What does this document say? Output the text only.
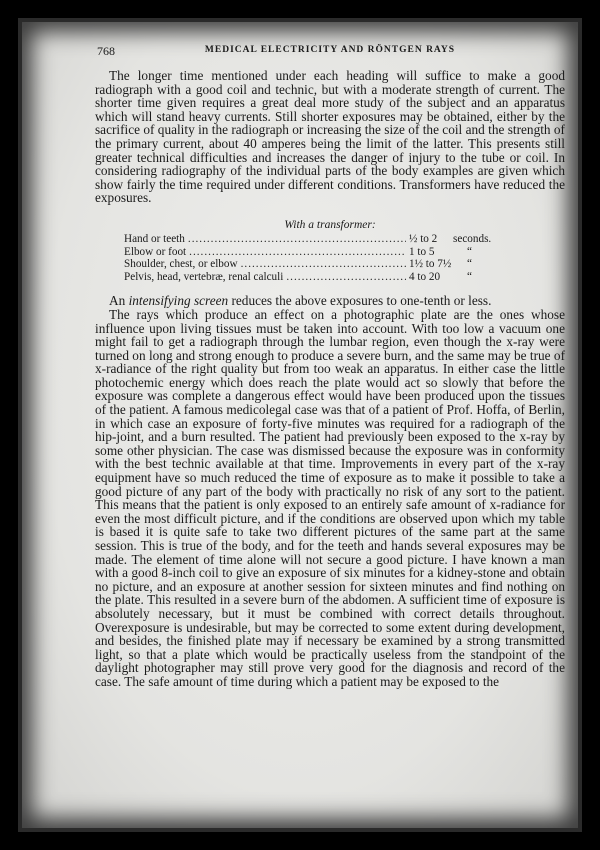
768	MEDICAL ELECTRICITY AND RÖNTGEN RAYS

The longer time mentioned under each heading will suffice to make a good radiograph with a good coil and technic, but with a moderate strength of current. The shorter time given requires a great deal more study of the subject and an apparatus which will stand heavy currents. Still shorter exposures may be obtained, either by the sacrifice of quality in the radiograph or increasing the size of the coil and the strength of the primary current, about 40 amperes being the limit of the latter. This presents still greater technical difficulties and increases the danger of injury to the tube or coil. In considering radiography of the individual parts of the body examples are given which show fairly the time required under different conditions. Transformers have reduced the exposures.

With a transformer:
Hand or teeth .....	½ to 2	seconds.
Elbow or foot .....	1 to 5	“
Shoulder, chest, or elbow .....	1½ to 7½	“
Pelvis, head, vertebræ, renal calculi .....	4 to 20	“

An intensifying screen reduces the above exposures to one-tenth or less.

The rays which produce an effect on a photographic plate are the ones whose influence upon living tissues must be taken into account. With too low a vacuum one might fail to get a radiograph through the lumbar region, even though the x-ray were turned on long and strong enough to produce a severe burn, and the same may be true of x-radiance of the right quality but from too weak an apparatus. In either case the little photochemic energy which does reach the plate would act so slowly that before the exposure was complete a dangerous effect would have been produced upon the tissues of the patient. A famous medicolegal case was that of a patient of Prof. Hoffa, of Berlin, in which case an exposure of forty-five minutes was required for a radiograph of the hip-joint, and a burn resulted. The patient had previously been exposed to the x-ray by some other physician. The case was dismissed because the exposure was in conformity with the best technic available at that time. Improvements in every part of the x-ray equipment have so much reduced the time of exposure as to make it possible to take a good picture of any part of the body with practically no risk of any sort to the patient. This means that the patient is only exposed to an entirely safe amount of x-radiance for even the most difficult picture, and if the conditions are observed upon which my table is based it is quite safe to take two different pictures of the same part at the same session. This is true of the body, and for the teeth and hands several exposures may be made. The element of time alone will not secure a good picture. I have known a man with a good 8-inch coil to give an exposure of six minutes for a kidney-stone and obtain no picture, and an exposure at another session for sixteen minutes and find nothing on the plate. This resulted in a severe burn of the abdomen. A sufficient time of exposure is absolutely necessary, but it must be combined with correct details throughout. Overexposure is undesirable, but may be corrected to some extent during development, and besides, the finished plate may if necessary be examined by a strong transmitted light, so that a plate which would be practically useless from the standpoint of the daylight photographer may still prove very good for the diagnosis and record of the case. The safe amount of time during which a patient may be exposed to the
